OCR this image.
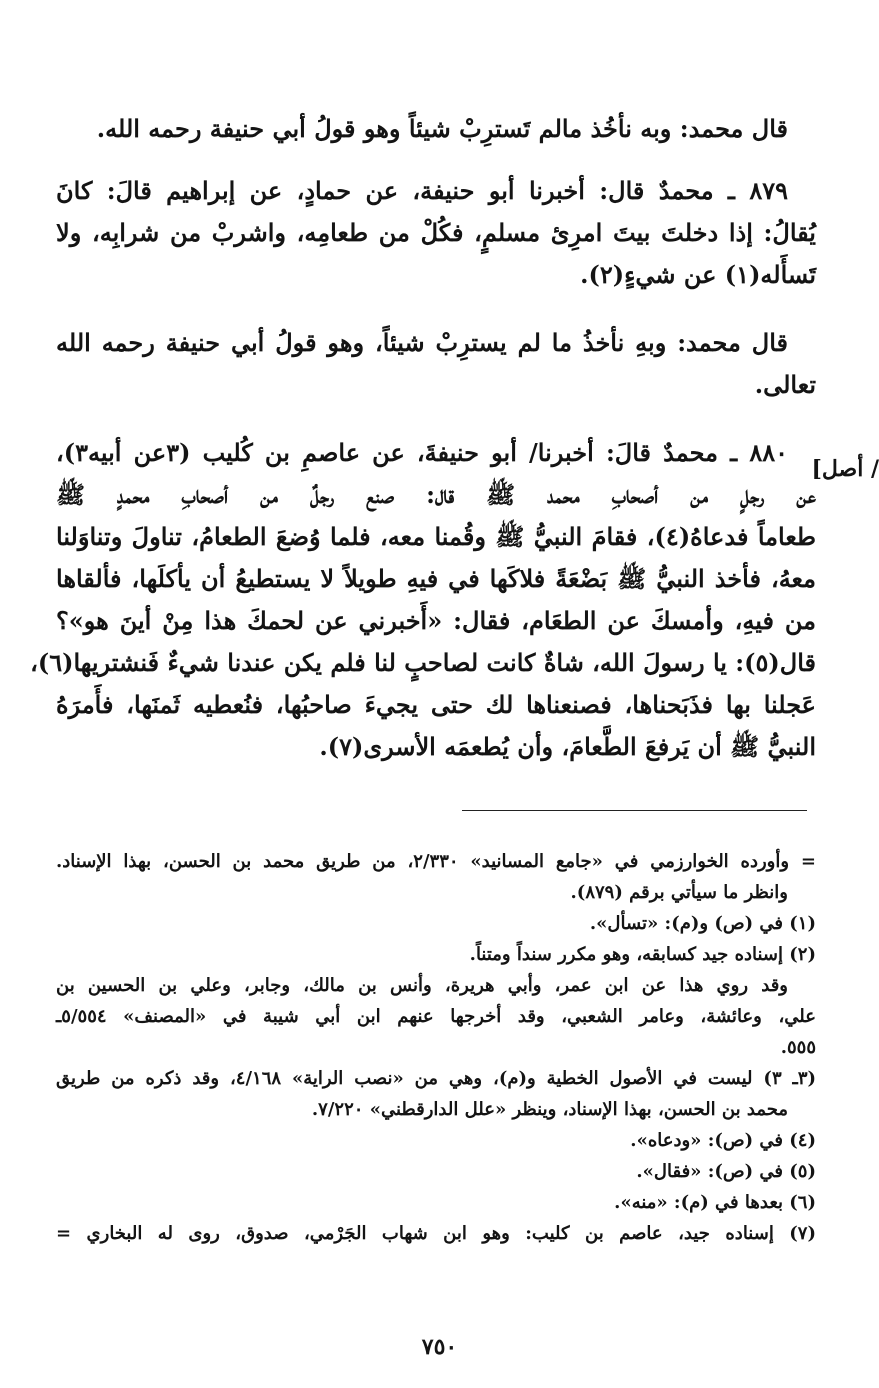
قال محمد: وبه نأخُذ مالم تَسترِبْ شيئاً وهو قولُ أبي حنيفة رحمه الله.
٨٧٩ ـ محمدٌ قال: أخبرنا أبو حنيفة، عن حمادٍ، عن إبراهيم قالَ: كانَ
يُقالُ: إذا دخلتَ بيتَ امرِئ مسلمٍ، فكُلْ من طعامِه، واشربْ من شرابِه، ولا
تَسأَله(١) عن شيءٍ(٢).
قال محمد: وبهِ نأخذُ ما لم يسترِبْ شيئاً، وهو قولُ أبي حنيفة رحمه الله
تعالى.
/ أصل]
٨٨٠ ـ محمدٌ قالَ: أخبرنا/ أبو حنيفةَ، عن عاصمِ بن كُليب (٣عن أبيه٣)،
عن رجلٍ من أصحابِ محمد ﷺ قال: صنع رجلٌ من أصحابِ محمدٍ ﷺ
طعاماً فدعاهُ(٤)، فقامَ النبيُّ ﷺ وقُمنا معه، فلما وُضعَ الطعامُ، تناولَ وتناوَلنا
معهُ، فأخذ النبيُّ ﷺ بَضْعَةً فلاكَها في فيهِ طويلاً لا يستطيعُ أن يأكلَها، فألقاها
من فيهِ، وأمسكَ عن الطعَام، فقال: «أَخبرني عن لحمكَ هذا مِنْ أينَ هو»؟
قال(٥): يا رسولَ الله، شاةٌ كانت لصاحبٍ لنا فلم يكن عندنا شيءٌ فَنشتريها(٦)،
عَجلنا بها فذَبَحناها، فصنعناها لك حتى يجيءَ صاحبُها، فنُعطيه ثَمنَها، فأَمرَهُ
النبيُّ ﷺ أن يَرفعَ الطَّعامَ، وأن يُطعمَه الأسرى(٧).
= وأورده الخوارزمي في «جامع المسانيد» ٢/٣٣٠، من طريق محمد بن الحسن، بهذا الإسناد.
وانظر ما سيأتي برقم (٨٧٩).
(١) في (ص) و(م): «تسأل».
(٢) إسناده جيد كسابقه، وهو مكرر سنداً ومتناً.
وقد روي هذا عن ابن عمر، وأبي هريرة، وأنس بن مالك، وجابر، وعلي بن الحسين بن
علي، وعائشة، وعامر الشعبي، وقد أخرجها عنهم ابن أبي شيبة في «المصنف» ٥/٥٥٤ـ
٥٥٥.
(٣ـ ٣) ليست في الأصول الخطية و(م)، وهي من «نصب الراية» ٤/١٦٨، وقد ذكره من طريق
محمد بن الحسن، بهذا الإسناد، وينظر «علل الدارقطني» ٧/٢٢٠.
(٤) في (ص): «ودعاه».
(٥) في (ص): «فقال».
(٦) بعدها في (م): «منه».
(٧) إسناده جيد، عاصم بن كليب: وهو ابن شهاب الجَرْمي، صدوق، روى له البخاري =
٧٥٠
